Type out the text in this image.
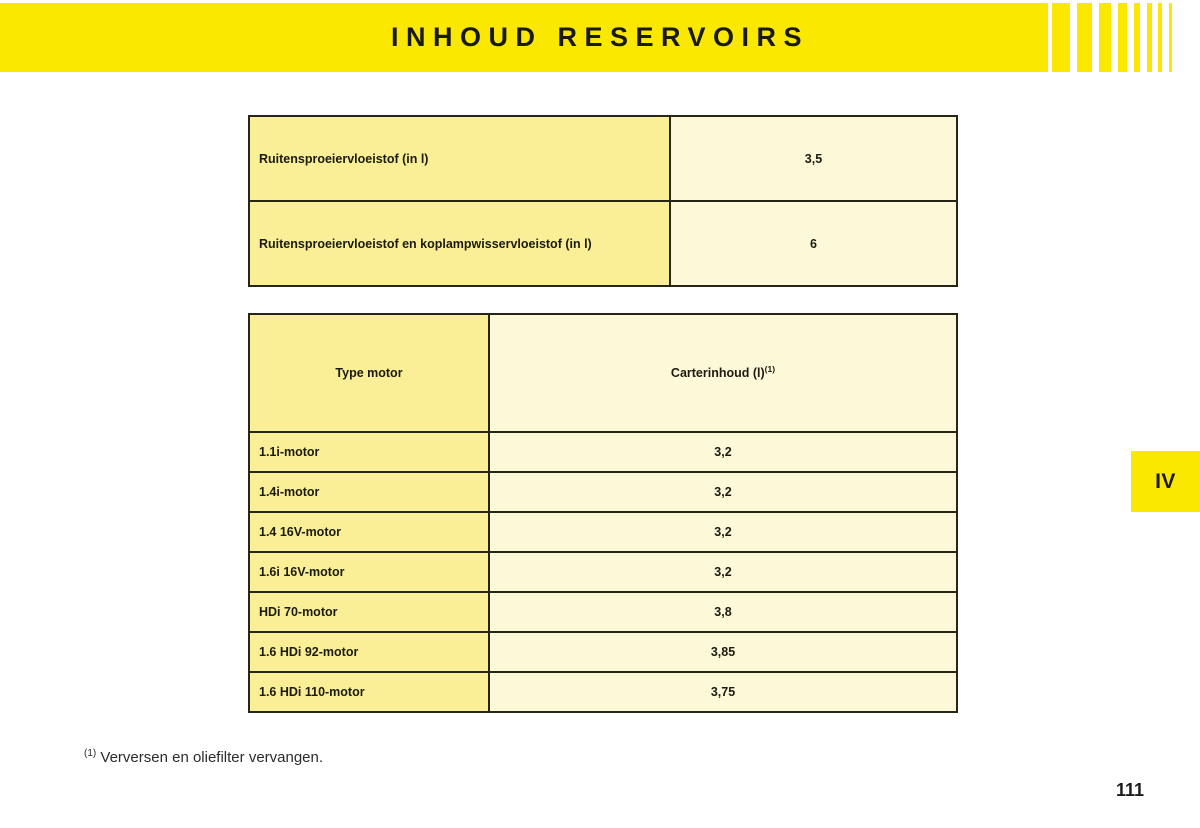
INHOUD RESERVOIRS
IV
Ruitensproeiervloeistof (in l)	3,5
Ruitensproeiervloeistof en koplampwisservloeistof (in l)	6
Type motor	Carterinhoud $(l)^{(1)}$
1.1i-motor	3,2
1.4i-motor	3,2
1.4 16V-motor	3,2
1.6i 16V-motor	3,2
HDi 70-motor	3,8
1.6 HDi 92-motor	3,85
1.6 HDi 110-motor	3,75
$^{(1)}$ Verversen en oliefilter vervangen.
111
